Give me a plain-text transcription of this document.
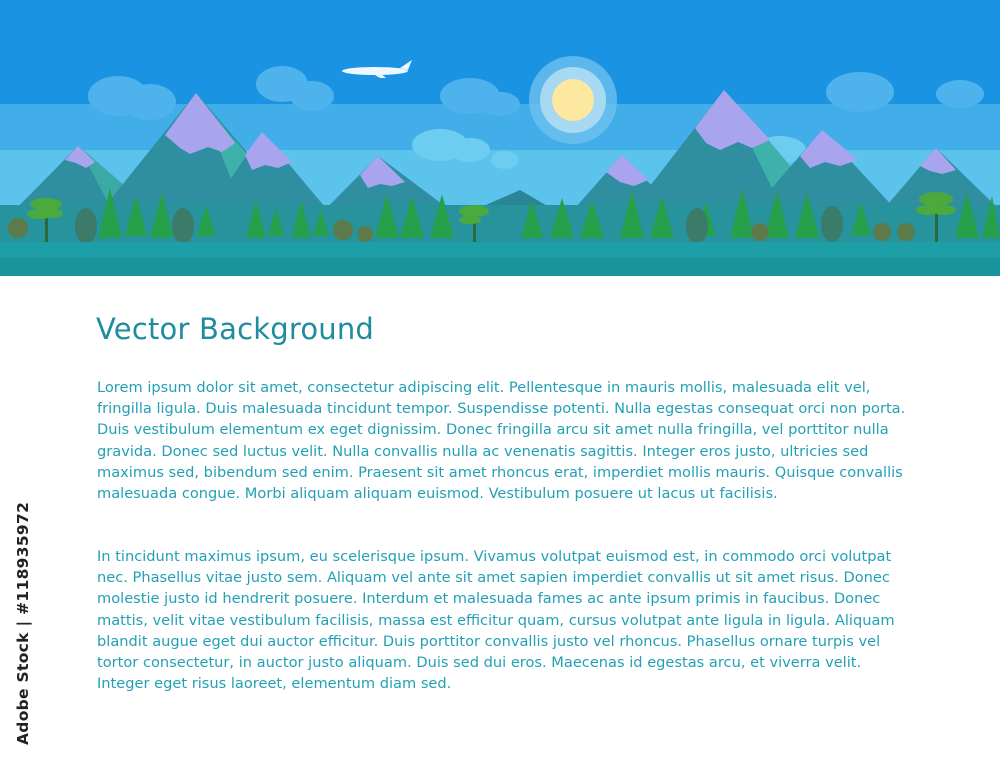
Vector Background

Lorem ipsum dolor sit amet, consectetur adipiscing elit. Pellentesque in mauris mollis, malesuada elit vel, fringilla ligula. Duis malesuada tincidunt tempor. Suspendisse potenti. Nulla egestas consequat orci non porta. Duis vestibulum elementum ex eget dignissim. Donec fringilla arcu sit amet nulla fringilla, vel porttitor nulla gravida. Donec sed luctus velit. Nulla convallis nulla ac venenatis sagittis. Integer eros justo, ultricies sed maximus sed, bibendum sed enim. Praesent sit amet rhoncus erat, imperdiet mollis mauris. Quisque convallis malesuada congue. Morbi aliquam aliquam euismod. Vestibulum posuere ut lacus ut facilisis.

In tincidunt maximus ipsum, eu scelerisque ipsum. Vivamus volutpat euismod est, in commodo orci volutpat nec. Phasellus vitae justo sem. Aliquam vel ante sit amet sapien imperdiet convallis ut sit amet risus. Donec molestie justo id hendrerit posuere. Interdum et malesuada fames ac ante ipsum primis in faucibus. Donec mattis, velit vitae vestibulum facilisis, massa est efficitur quam, cursus volutpat ante ligula in ligula. Aliquam blandit augue eget dui auctor efficitur. Duis porttitor convallis justo vel rhoncus. Phasellus ornare turpis vel tortor consectetur, in auctor justo aliquam. Duis sed dui eros. Maecenas id egestas arcu, et viverra velit. Integer eget risus laoreet, elementum diam sed.

Adobe Stock | #118935972
